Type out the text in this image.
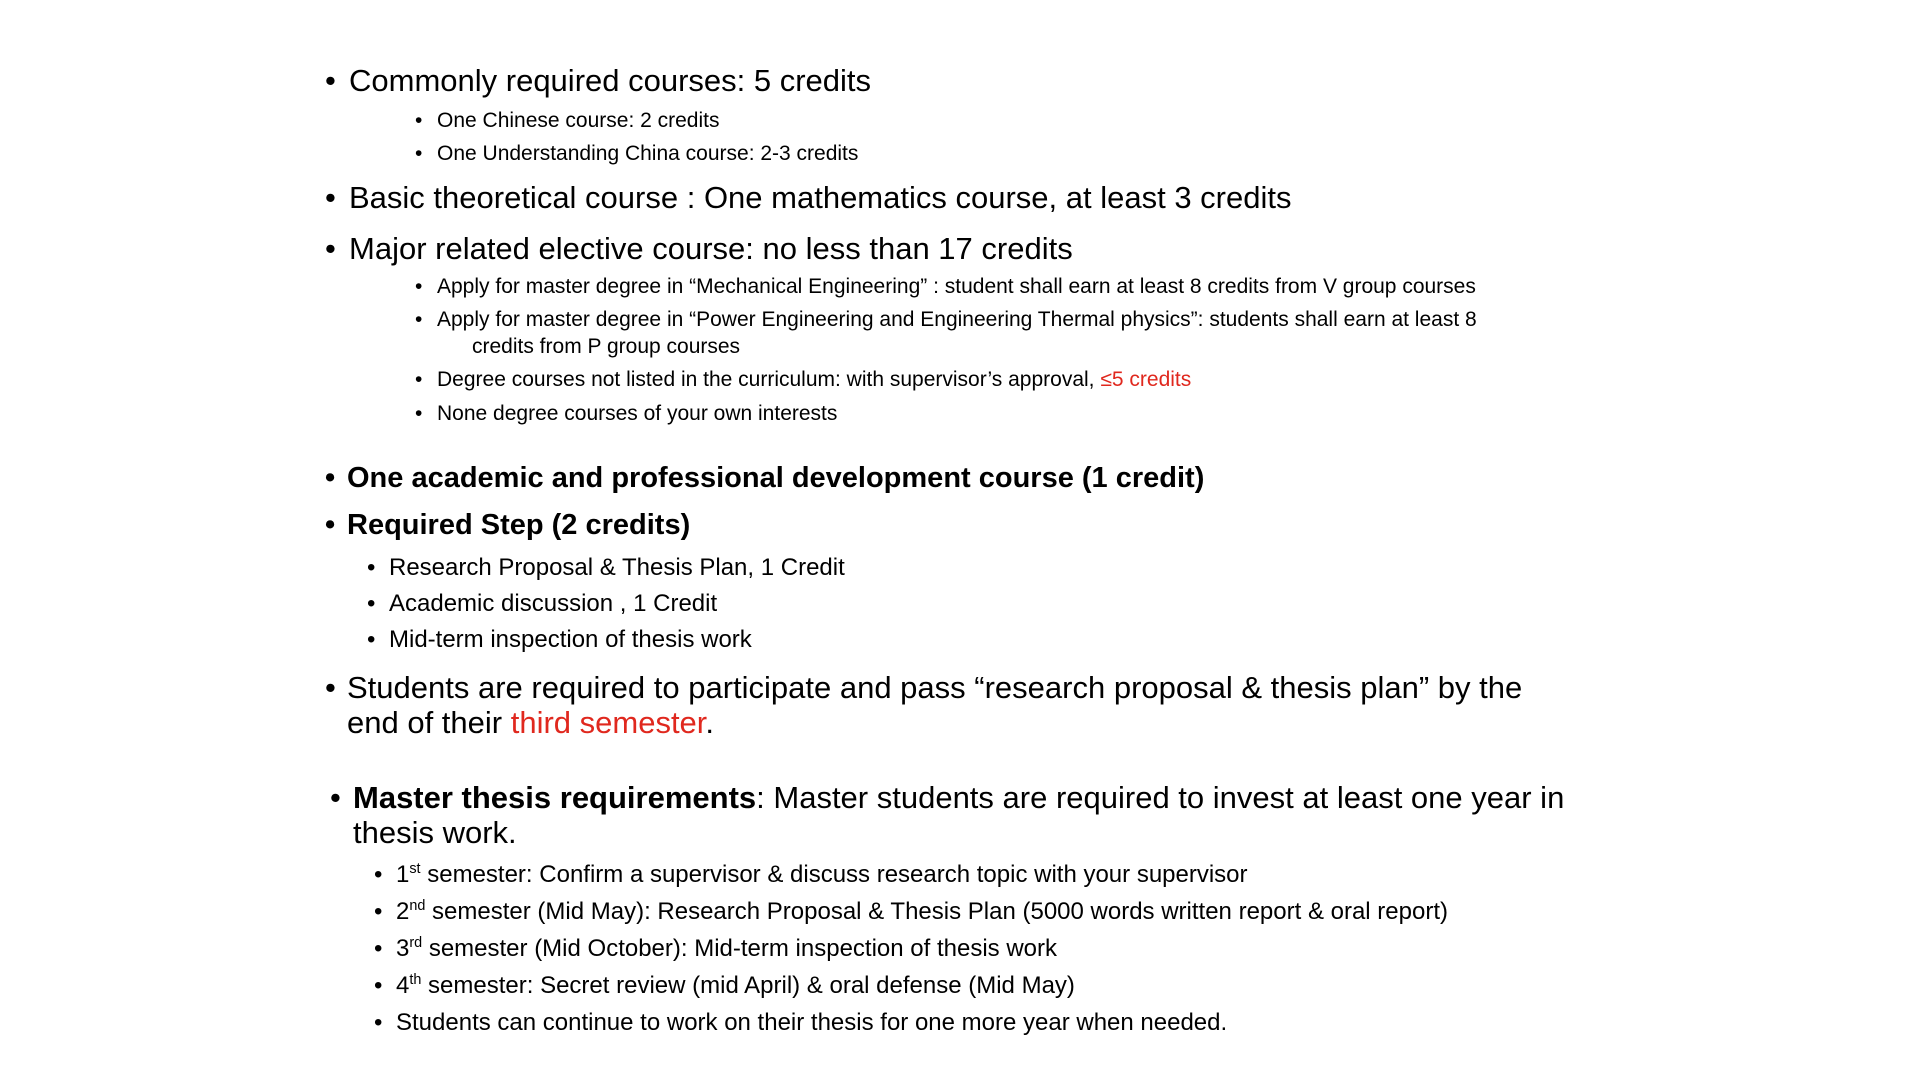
• Commonly required courses: 5 credits
• One Chinese course: 2 credits
• One Understanding China course: 2-3 credits
• Basic theoretical course : One mathematics course, at least 3 credits
• Major related elective course: no less than 17 credits
• Apply for master degree in “Mechanical Engineering” : student shall earn at least 8 credits from V group courses
• Apply for master degree in “Power Engineering and Engineering Thermal physics”: students shall earn at least 8
credits from P group courses
• Degree courses not listed in the curriculum: with supervisor’s approval, ≤5 credits
• None degree courses of your own interests
• One academic and professional development course (1 credit)
• Required Step (2 credits)
• Research Proposal & Thesis Plan, 1 Credit
• Academic discussion , 1 Credit
• Mid-term inspection of thesis work
• Students are required to participate and pass “research proposal & thesis plan” by the
end of their third semester.
• Master thesis requirements: Master students are required to invest at least one year in
thesis work.
• 1st semester: Confirm a supervisor & discuss research topic with your supervisor
• 2nd semester (Mid May): Research Proposal & Thesis Plan (5000 words written report & oral report)
• 3rd semester (Mid October): Mid-term inspection of thesis work
• 4th semester: Secret review (mid April) & oral defense (Mid May)
• Students can continue to work on their thesis for one more year when needed.
